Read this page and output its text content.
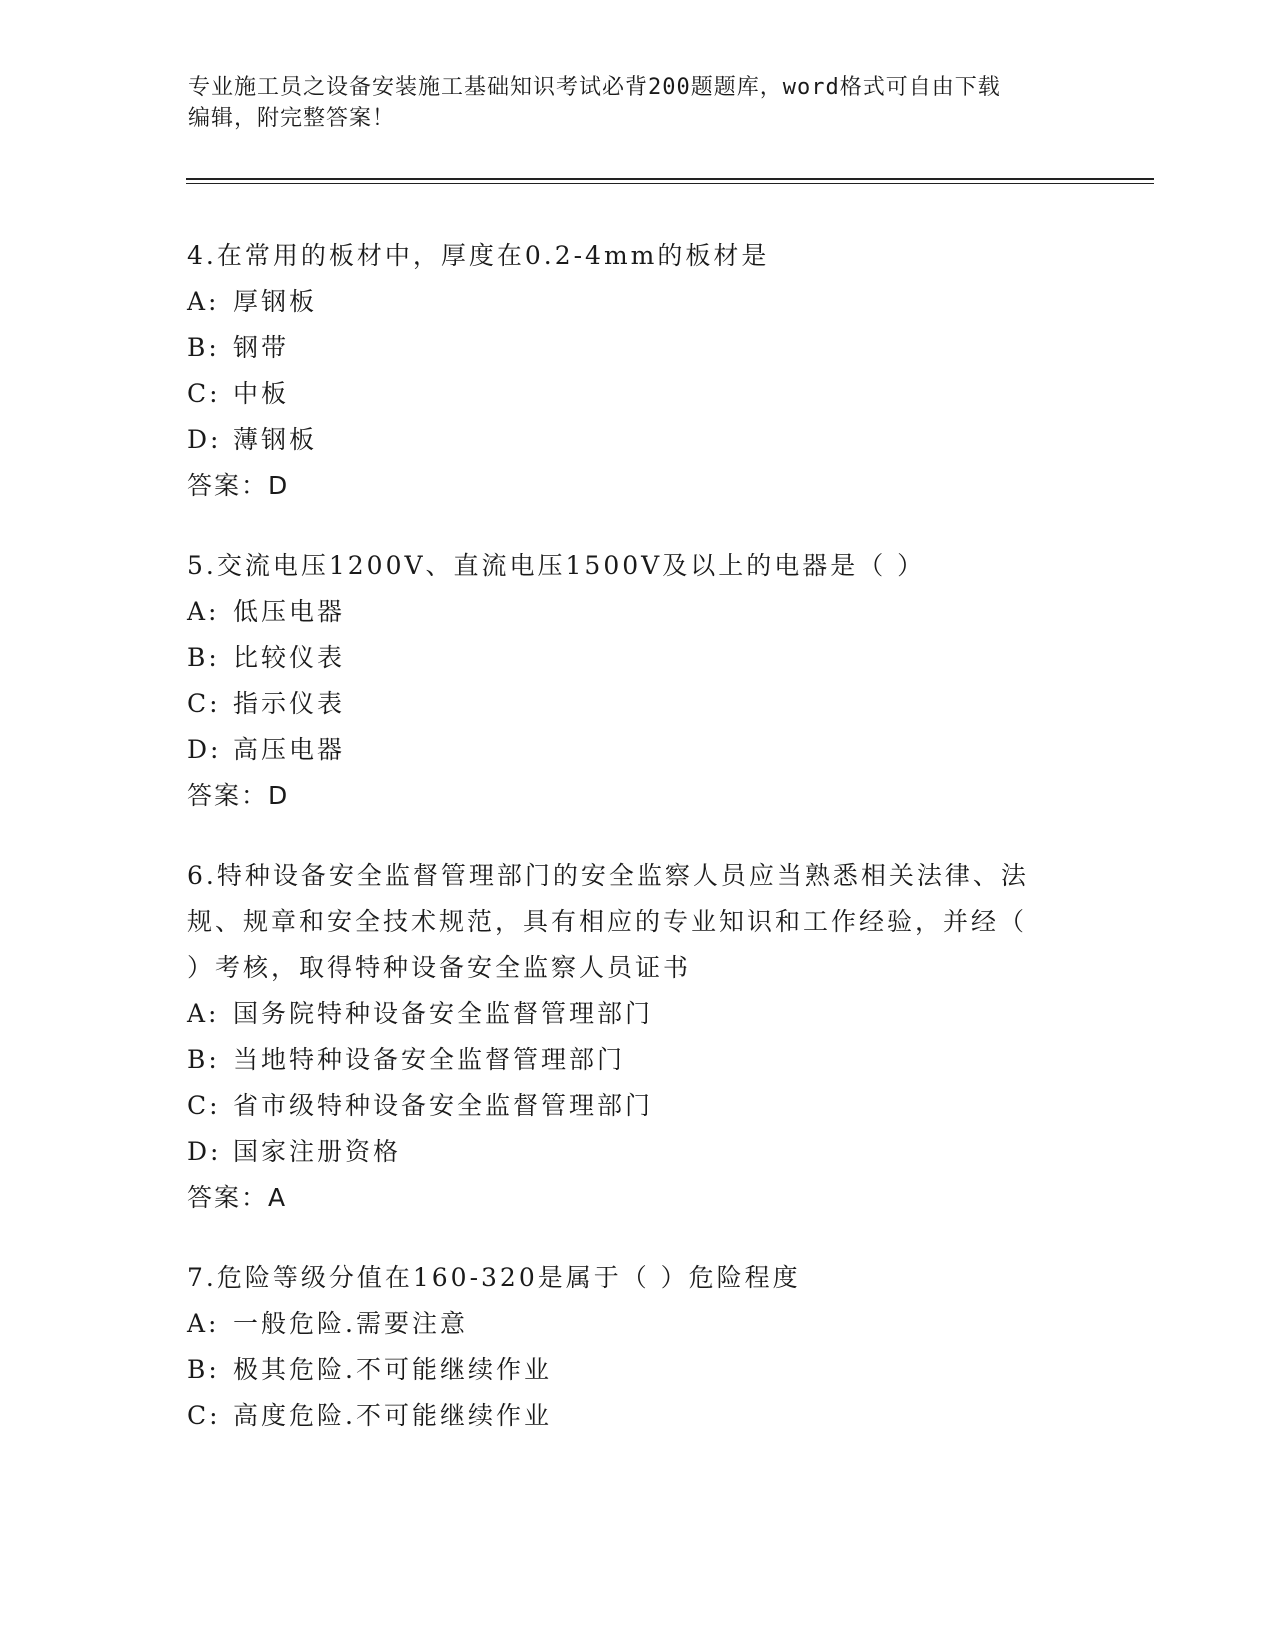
专业施工员之设备安装施工基础知识考试必背200题题库，word格式可自由下载
编辑，附完整答案！

4.在常用的板材中，厚度在0.2-4mm的板材是

A: 厚钢板
B: 钢带
C: 中板
D: 薄钢板
答案：D

5.交流电压1200V、直流电压1500V及以上的电器是（ ）

A: 低压电器
B: 比较仪表
C: 指示仪表
D: 高压电器
答案：D

6.特种设备安全监督管理部门的安全监察人员应当熟悉相关法律、法

规、规章和安全技术规范，具有相应的专业知识和工作经验，并经（

）考核，取得特种设备安全监察人员证书

A: 国务院特种设备安全监督管理部门
B: 当地特种设备安全监督管理部门
C: 省市级特种设备安全监督管理部门
D: 国家注册资格
答案：A

7.危险等级分值在160-320是属于（ ）危险程度

A: 一般危险.需要注意
B: 极其危险.不可能继续作业
C: 高度危险.不可能继续作业
